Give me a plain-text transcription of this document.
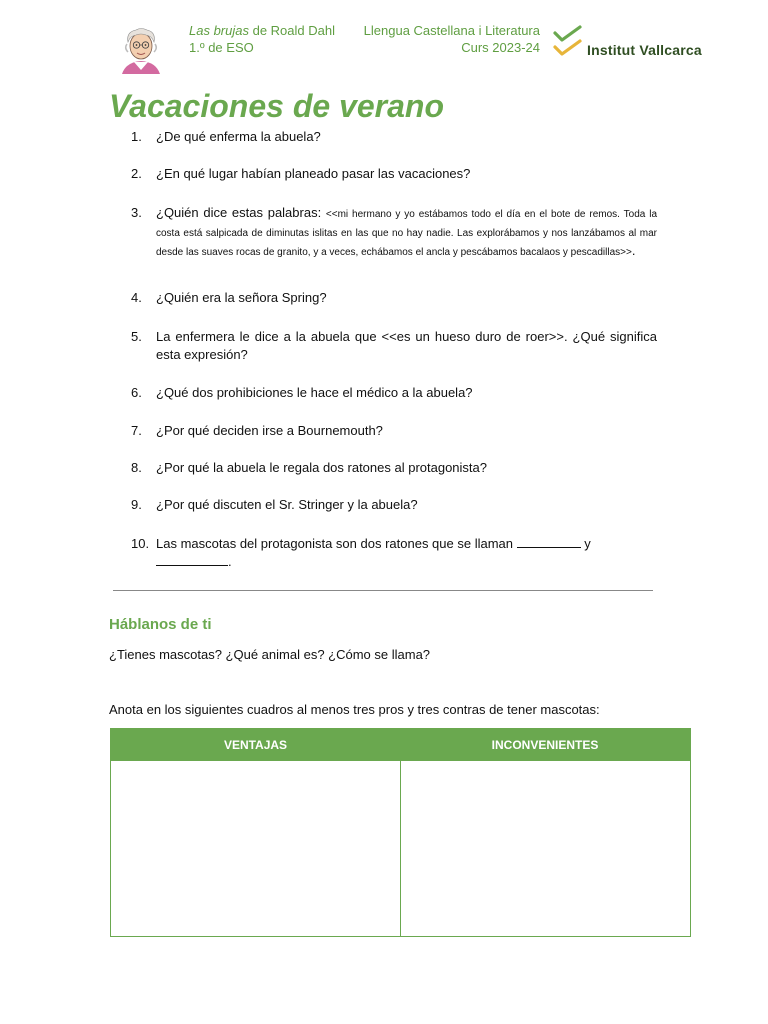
Las brujas de Roald Dahl
1.º de ESO
Llengua Castellana i Literatura
Curs 2023-24	Institut Vallcarca
Vacaciones de verano
1.	¿De qué enferma la abuela?
2.	¿En qué lugar habían planeado pasar las vacaciones?
3.	¿Quién dice estas palabras: <<mi hermano y yo estábamos todo el día en el bote de remos. Toda la costa está salpicada de diminutas islitas en las que no hay nadie. Las explorábamos y nos lanzábamos al mar desde las suaves rocas de granito, y a veces, echábamos el ancla y pescábamos bacalaos y pescadillas>>.
4.	¿Quién era la señora Spring?
5.	La enfermera le dice a la abuela que <<es un hueso duro de roer>>. ¿Qué significa esta expresión?
6.	¿Qué dos prohibiciones le hace el médico a la abuela?
7.	¿Por qué deciden irse a Bournemouth?
8.	¿Por qué la abuela le regala dos ratones al protagonista?
9.	¿Por qué discuten el Sr. Stringer y la abuela?
10. Las mascotas del protagonista son dos ratones que se llaman	y
.
Háblanos de ti
¿Tienes mascotas? ¿Qué animal es? ¿Cómo se llama?
Anota en los siguientes cuadros al menos tres pros y tres contras de tener mascotas:
VENTAJAS	INCONVENIENTES
